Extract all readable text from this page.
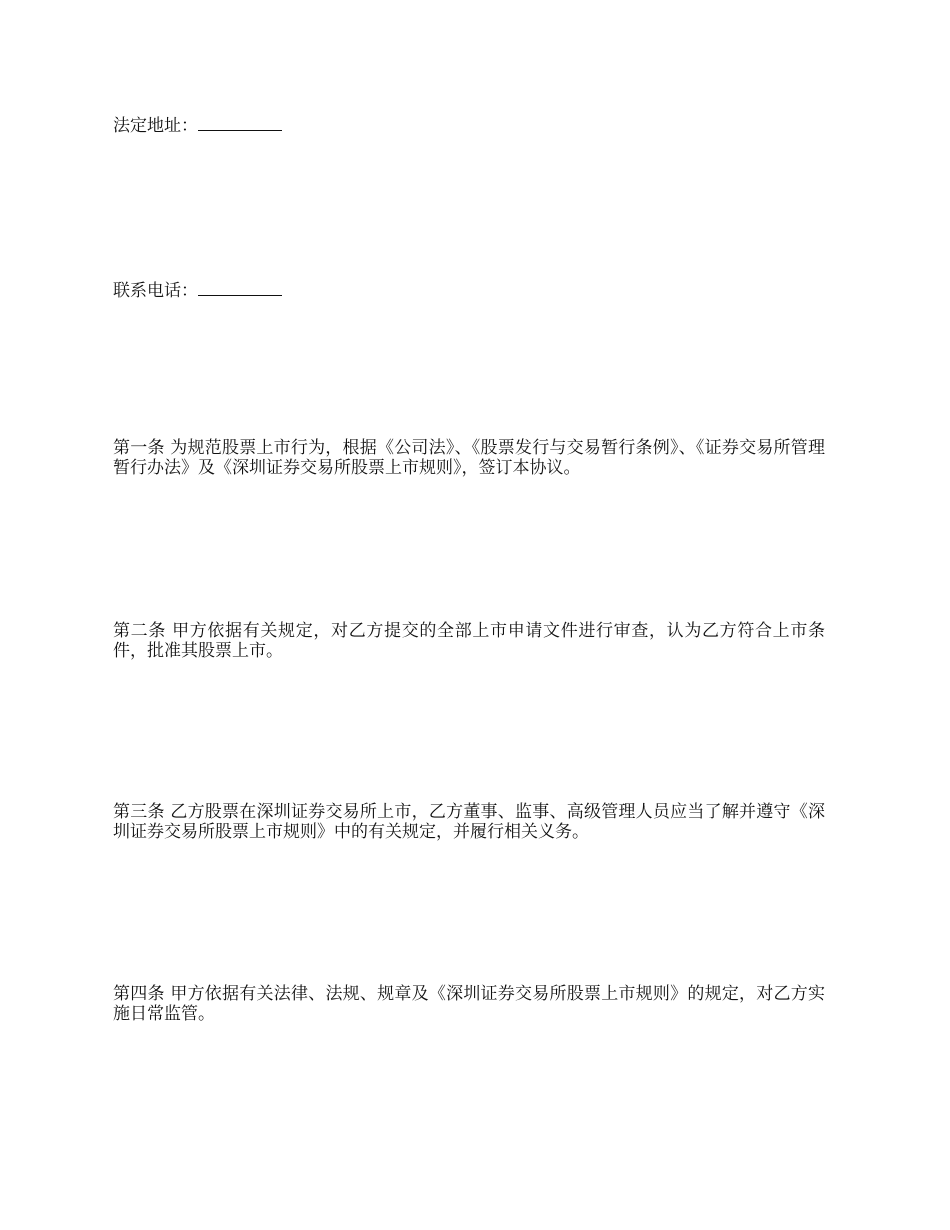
法定地址：

联系电话：

第一条 为规范股票上市行为，根据《公司法》、《股票发行与交易暂行条例》、《证券交易所管理暂行办法》及《深圳证券交易所股票上市规则》，签订本协议。

第二条 甲方依据有关规定，对乙方提交的全部上市申请文件进行审查，认为乙方符合上市条件，批准其股票上市。

第三条 乙方股票在深圳证券交易所上市，乙方董事、监事、高级管理人员应当了解并遵守《深圳证券交易所股票上市规则》中的有关规定，并履行相关义务。

第四条 甲方依据有关法律、法规、规章及《深圳证券交易所股票上市规则》的规定，对乙方实施日常监管。
